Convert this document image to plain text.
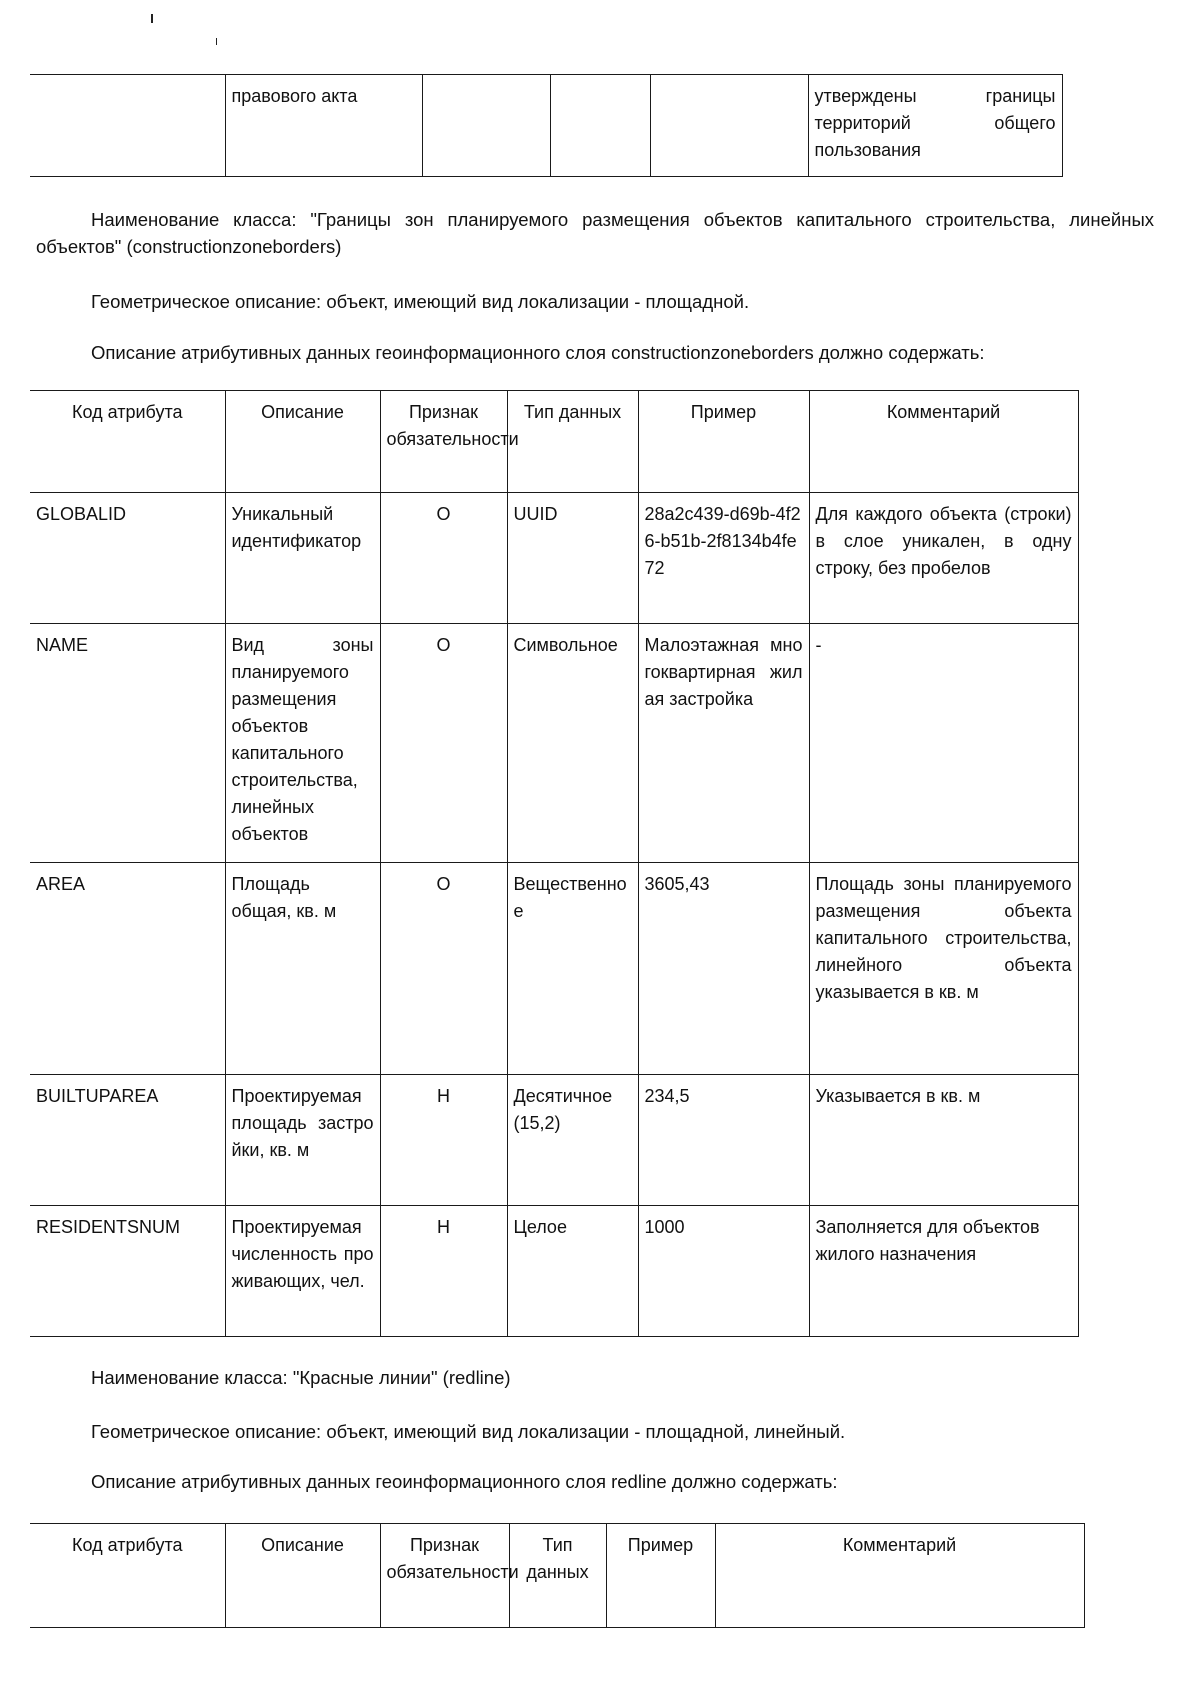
	правового акта				утверждены границы территорий общего пользования

Наименование класса: "Границы зон планируемого размещения объектов капитального строительства, линейных объектов" (constructionzoneborders)

Геометрическое описание: объект, имеющий вид локализации - площадной.

Описание атрибутивных данных геоинформационного слоя constructionzoneborders должно содержать:

Код атрибута	Описание	Признак обязательности	Тип данных	Пример	Комментарий
GLOBALID	Уникальный идентификатор	О	UUID	28a2c439-d69b-4f26-b51b-2f8134b4fe72	Для каждого объекта (строки) в слое уникален, в одну строку, без пробелов
NAME	Вид зоны планируемого размещения объектов капитального строительства, линейных объектов	О	Символьное	Малоэтажная многоквартирная жилая застройка	-
AREA	Площадь общая, кв. м	О	Вещественное	3605,43	Площадь зоны планируемого размещения объекта капитального строительства, линейного объекта указывается в кв. м
BUILTUPAREA	Проектируемая площадь застройки, кв. м	Н	Десятичное (15,2)	234,5	Указывается в кв. м
RESIDENTSNUM	Проектируемая численность проживающих, чел.	Н	Целое	1000	Заполняется для объектов жилого назначения

Наименование класса: "Красные линии" (redline)

Геометрическое описание: объект, имеющий вид локализации - площадной, линейный.

Описание атрибутивных данных геоинформационного слоя redline должно содержать:

Код атрибута	Описание	Признак обязательности	Тип данных	Пример	Комментарий
